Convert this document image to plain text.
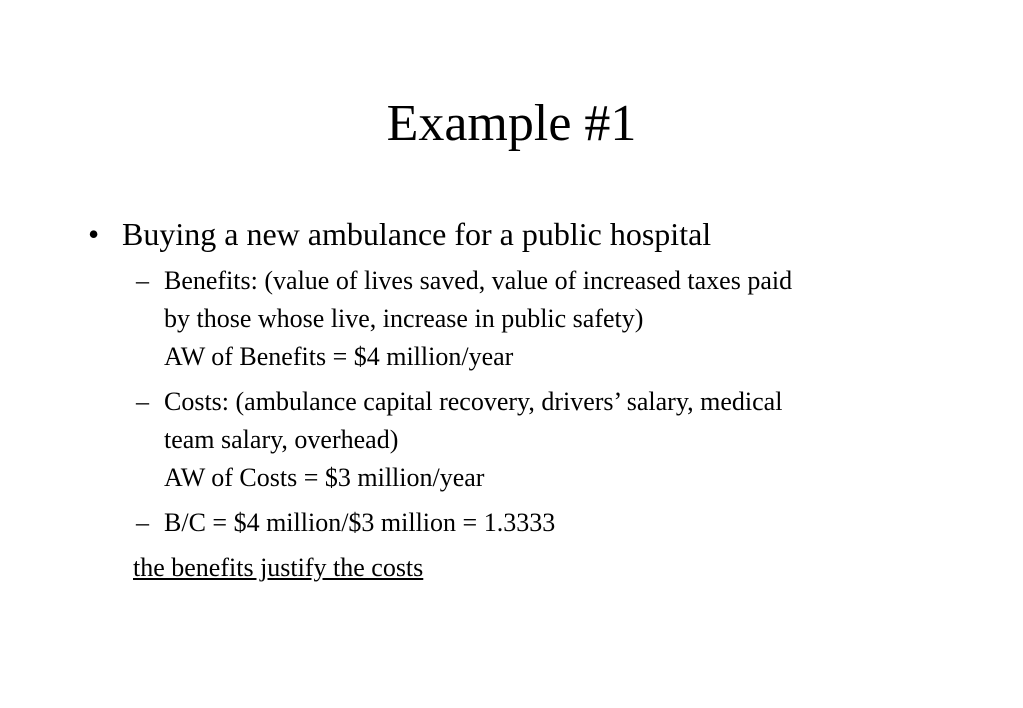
Example #1
• Buying a new ambulance for a public hospital
– Benefits: (value of lives saved, value of increased taxes paid
by those whose live, increase in public safety)
AW of Benefits = $4 million/year
– Costs: (ambulance capital recovery, drivers’ salary, medical
team salary, overhead)
AW of Costs = $3 million/year
– B/C = $4 million/$3 million = 1.3333
the benefits justify the costs
